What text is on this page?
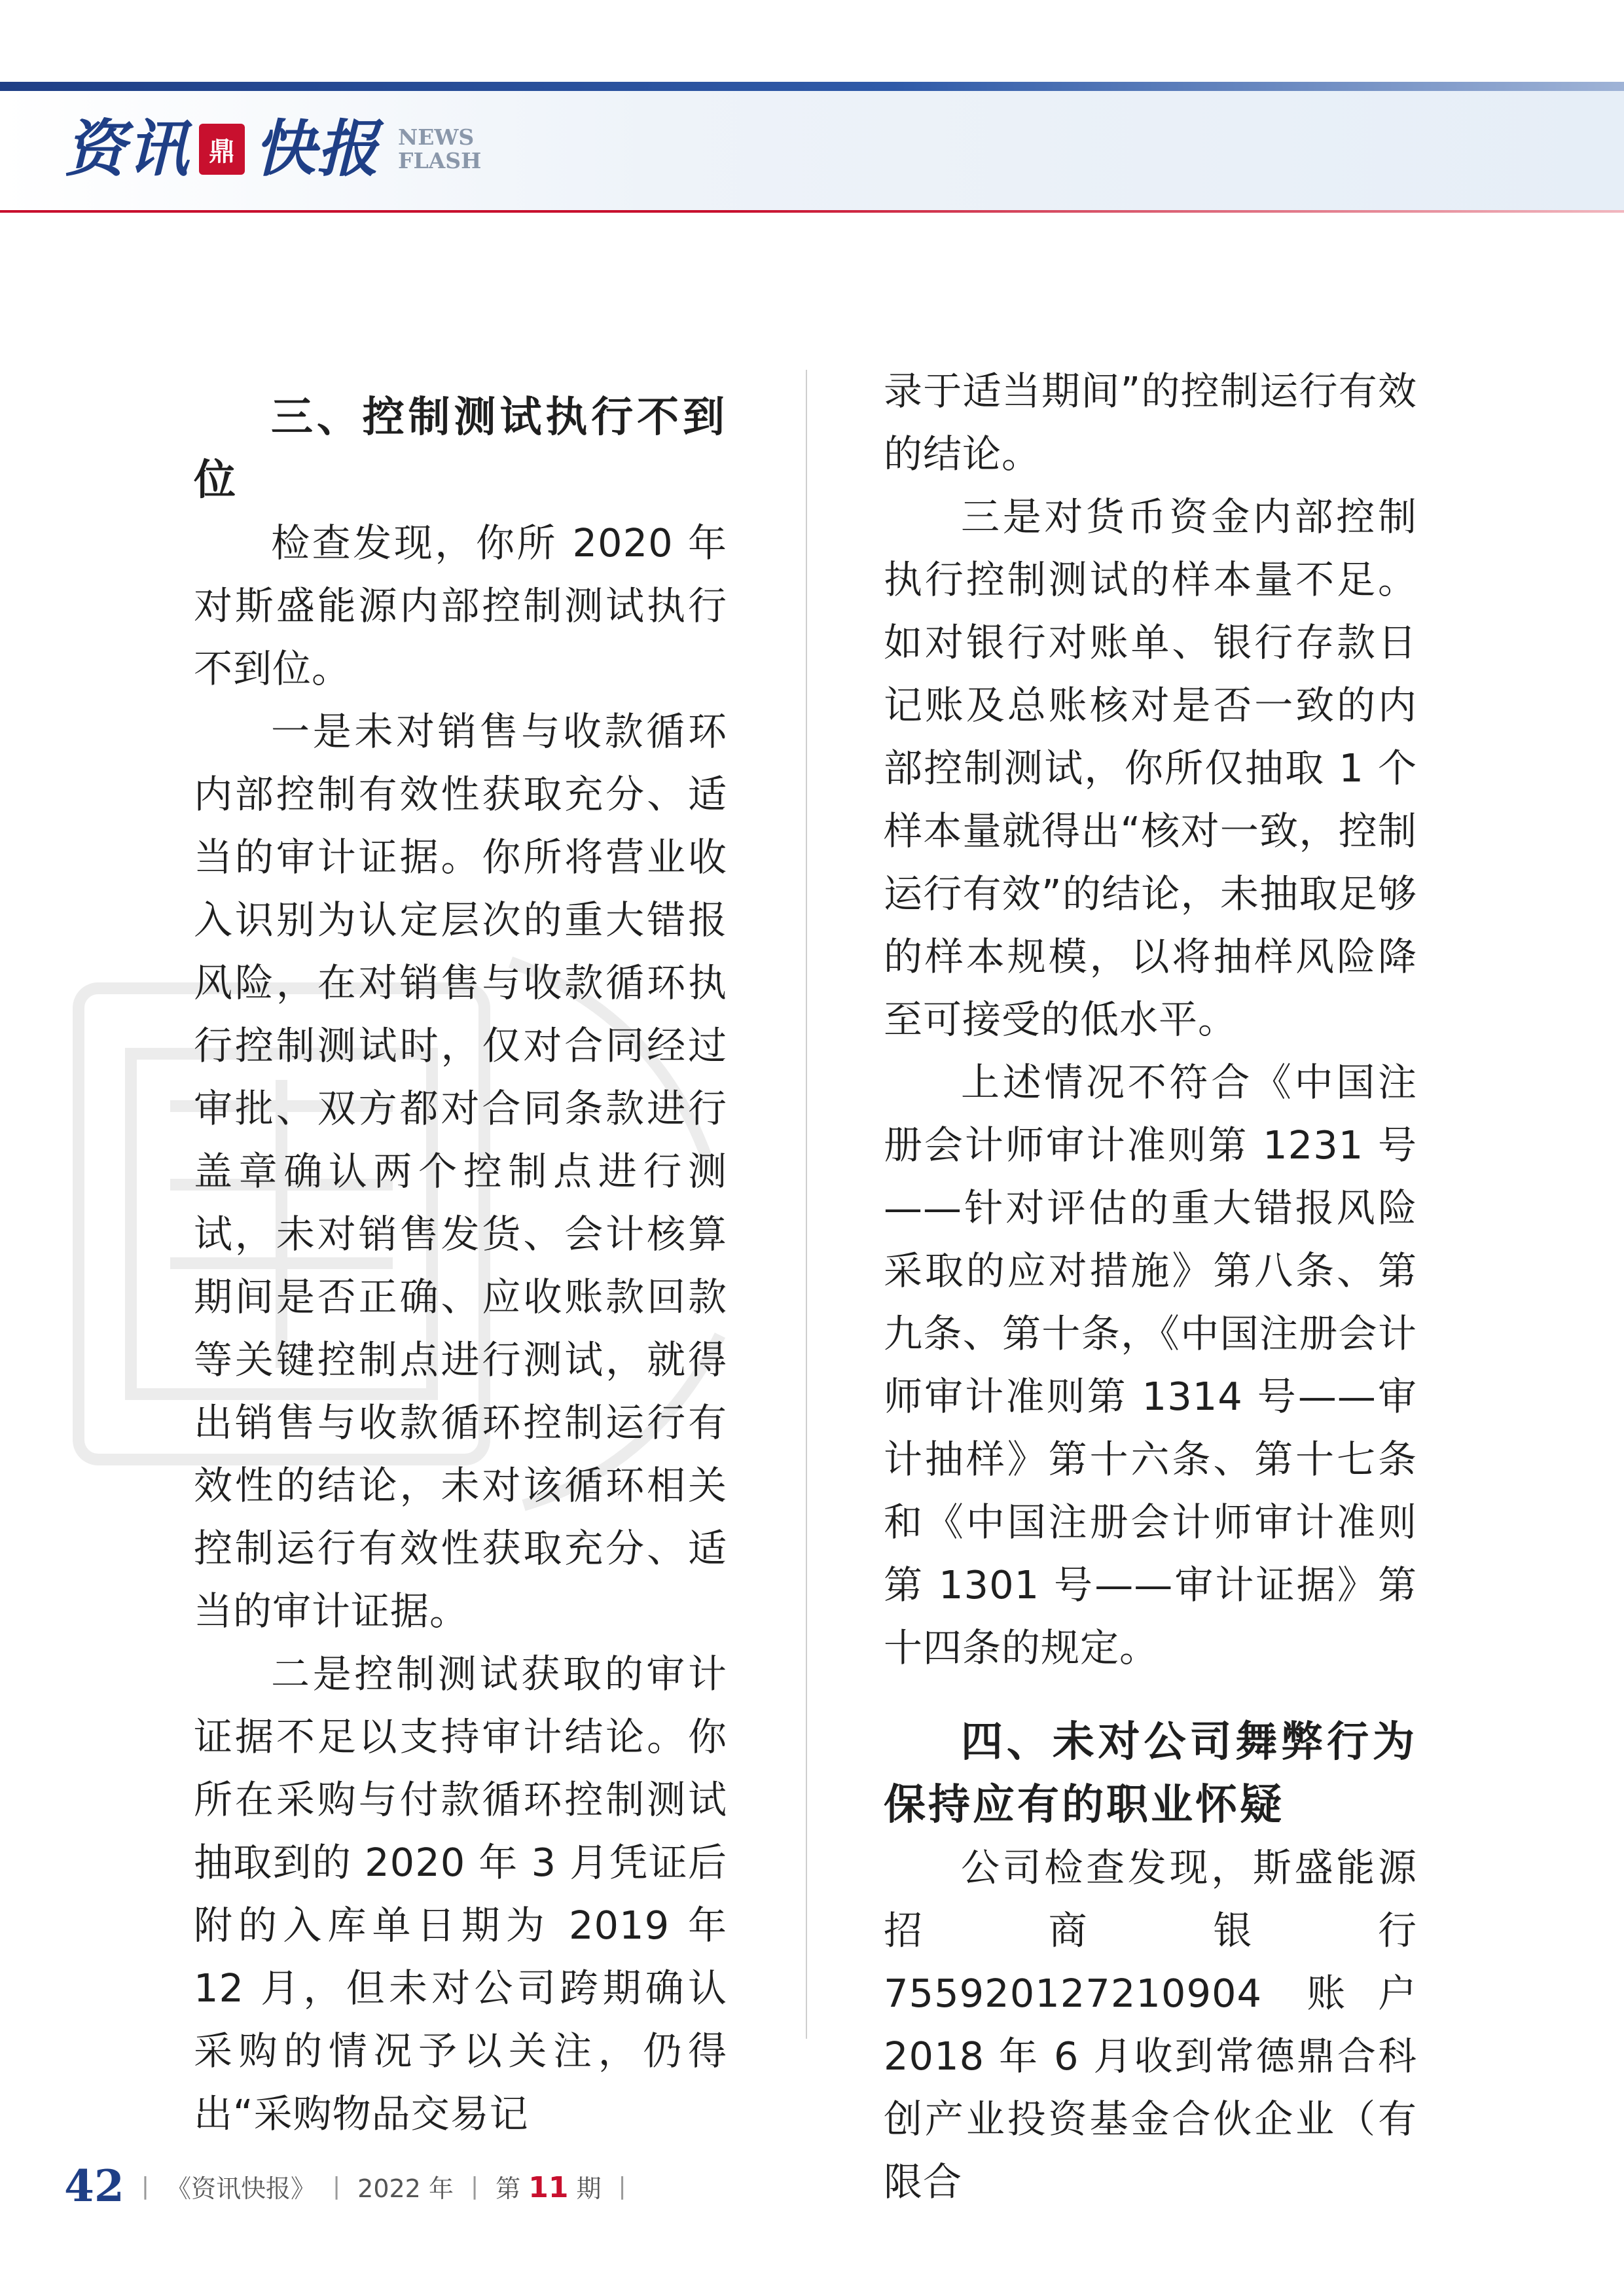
资讯 鼎 快报 NEWS
FLASH
三、控制测试执行不到位

检查发现，你所 2020 年对斯盛能源内部控制测试执行不到位。

一是未对销售与收款循环内部控制有效性获取充分、适当的审计证据。你所将营业收入识别为认定层次的重大错报风险，在对销售与收款循环执行控制测试时，仅对合同经过审批、双方都对合同条款进行盖章确认两个控制点进行测试，未对销售发货、会计核算期间是否正确、应收账款回款等关键控制点进行测试，就得出销售与收款循环控制运行有效性的结论，未对该循环相关控制运行有效性获取充分、适当的审计证据。

二是控制测试获取的审计证据不足以支持审计结论。你所在采购与付款循环控制测试抽取到的 2020 年 3 月凭证后附的入库单日期为 2019 年 12 月，但未对公司跨期确认采购的情况予以关注，仍得出“采购物品交易记

录于适当期间”的控制运行有效的结论。

三是对货币资金内部控制执行控制测试的样本量不足。如对银行对账单、银行存款日记账及总账核对是否一致的内部控制测试，你所仅抽取 1 个样本量就得出“核对一致，控制运行有效”的结论，未抽取足够的样本规模，以将抽样风险降至可接受的低水平。

上述情况不符合《中国注册会计师审计准则第 1231 号——针对评估的重大错报风险采取的应对措施》第八条、第九条、第十条，《中国注册会计师审计准则第 1314 号——审计抽样》第十六条、第十七条和《中国注册会计师审计准则第 1301 号——审计证据》第十四条的规定。

四、未对公司舞弊行为保持应有的职业怀疑

公司检查发现，斯盛能源招商银行 755920127210904 账户 2018 年 6 月收到常德鼎合科创产业投资基金合伙企业（有限合

42 | 《资讯快报》 | 2022 年 | 第 11 期 |
